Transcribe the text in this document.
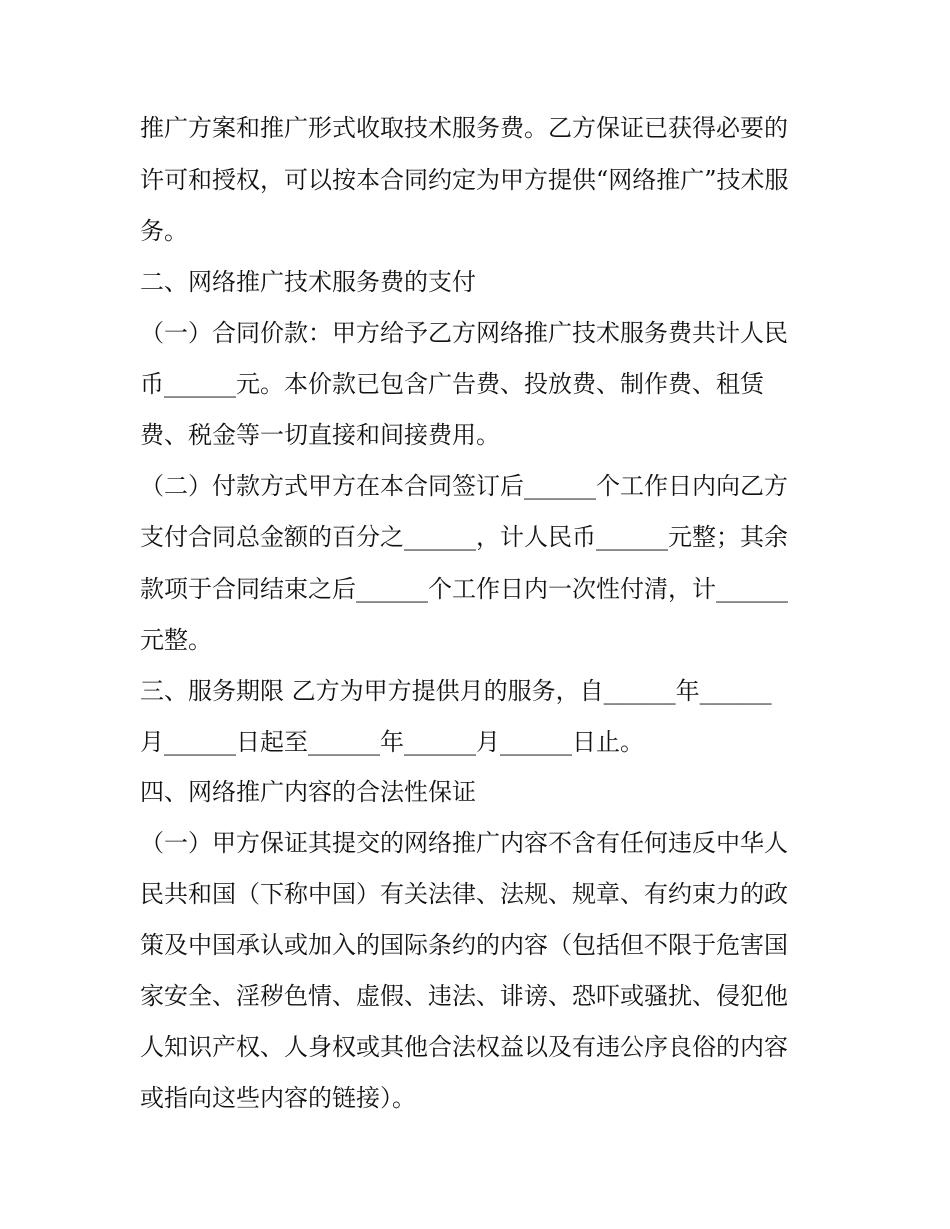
推广方案和推广形式收取技术服务费。乙方保证已获得必要的
许可和授权，可以按本合同约定为甲方提供“网络推广”技术服
务。
二、网络推广技术服务费的支付
（一）合同价款：甲方给予乙方网络推广技术服务费共计人民
币______元。本价款已包含广告费、投放费、制作费、租赁
费、税金等一切直接和间接费用。
（二）付款方式甲方在本合同签订后______个工作日内向乙方
支付合同总金额的百分之______，计人民币______元整；其余
款项于合同结束之后______个工作日内一次性付清，计______
元整。
三、服务期限 乙方为甲方提供月的服务，自______年______
月______日起至______年______月______日止。
四、网络推广内容的合法性保证
（一）甲方保证其提交的网络推广内容不含有任何违反中华人
民共和国（下称中国）有关法律、法规、规章、有约束力的政
策及中国承认或加入的国际条约的内容（包括但不限于危害国
家安全、淫秽色情、虚假、违法、诽谤、恐吓或骚扰、侵犯他
人知识产权、人身权或其他合法权益以及有违公序良俗的内容
或指向这些内容的链接）。
